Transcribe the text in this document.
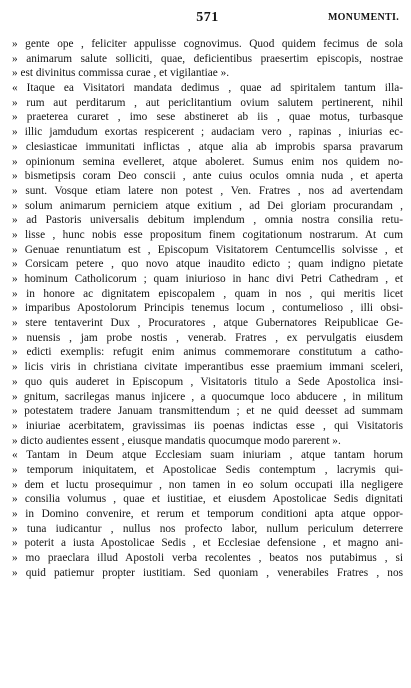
571	MONUMENTI.
» gente ope , feliciter appulisse cognovimus. Quod quidem fecimus de sola
» animarum salute solliciti, quae, deficientibus praesertim episcopis, nostrae
» est divinitus commissa curae , et vigilantiae ».
« Itaque ea Visitatori mandata dedimus , quae ad spiritalem tantum illa-
» rum aut perditarum , aut periclitantium ovium salutem pertinerent, nihil
» praeterea curaret , imo sese abstineret ab iis , quae motus, turbasque
» illic jamdudum exortas respicerent ; audaciam vero , rapinas , iniurias ec-
» clesiasticae immunitati inflictas , atque alia ab improbis sparsa pravarum
» opinionum semina evelleret, atque aboleret. Sumus enim nos quidem no-
» bismetipsis coram Deo conscii , ante cuius oculos omnia nuda , et aperta
» sunt. Vosque etiam latere non potest , Ven. Fratres , nos ad avertendam
» solum animarum perniciem atque exitium , ad Dei gloriam procurandam ,
» ad Pastoris universalis debitum implendum , omnia nostra consilia retu-
» lisse , hunc nobis esse propositum finem cogitationum nostrarum. At cum
» Genuae renuntiatum est , Episcopum Visitatorem Centumcellis solvisse , et
» Corsicam petere , quo novo atque inaudito edicto ; quam indigno pietate
» hominum Catholicorum ; quam iniurioso in hanc divi Petri Cathedram , et
» in honore ac dignitatem episcopalem , quam in nos , qui meritis licet
» imparibus Apostolorum Principis tenemus locum , contumelioso , illi obsi-
» stere tentaverint Dux , Procuratores , atque Gubernatores Reipublicae Ge-
» nuensis , jam probe nostis , venerab. Fratres , ex pervulgatis eiusdem
» edicti exemplis: refugit enim animus commemorare constitutum a catho-
» licis viris in christiana civitate imperantibus esse praemium immani sceleri,
» quo quis auderet in Episcopum , Visitatoris titulo a Sede Apostolica insi-
» gnitum, sacrilegas manus injicere , a quocumque loco abducere , in militum
» potestatem tradere Januam transmittendum ; et ne quid deesset ad summam
» iniuriae acerbitatem, gravissimas iis poenas indictas esse , qui Visitatoris
» dicto audientes essent , eiusque mandatis quocumque modo parerent ».
« Tantam in Deum atque Ecclesiam suam iniuriam , atque tantam horum
» temporum iniquitatem, et Apostolicae Sedis contemptum , lacrymis qui-
» dem et luctu prosequimur , non tamen in eo solum occupati illa negligere
» consilia volumus , quae et iustitiae, et eiusdem Apostolicae Sedis dignitati
» in Domino convenire, et rerum et temporum conditioni apta atque oppor-
» tuna iudicantur , nullus nos profecto labor, nullum periculum deterrere
» poterit a iusta Apostolicae Sedis , et Ecclesiae defensione , et magno ani-
» mo praeclara illud Apostoli verba recolentes , beatos nos putabimus , si
» quid patiemur propter iustitiam. Sed quoniam , venerabiles Fratres , nos
